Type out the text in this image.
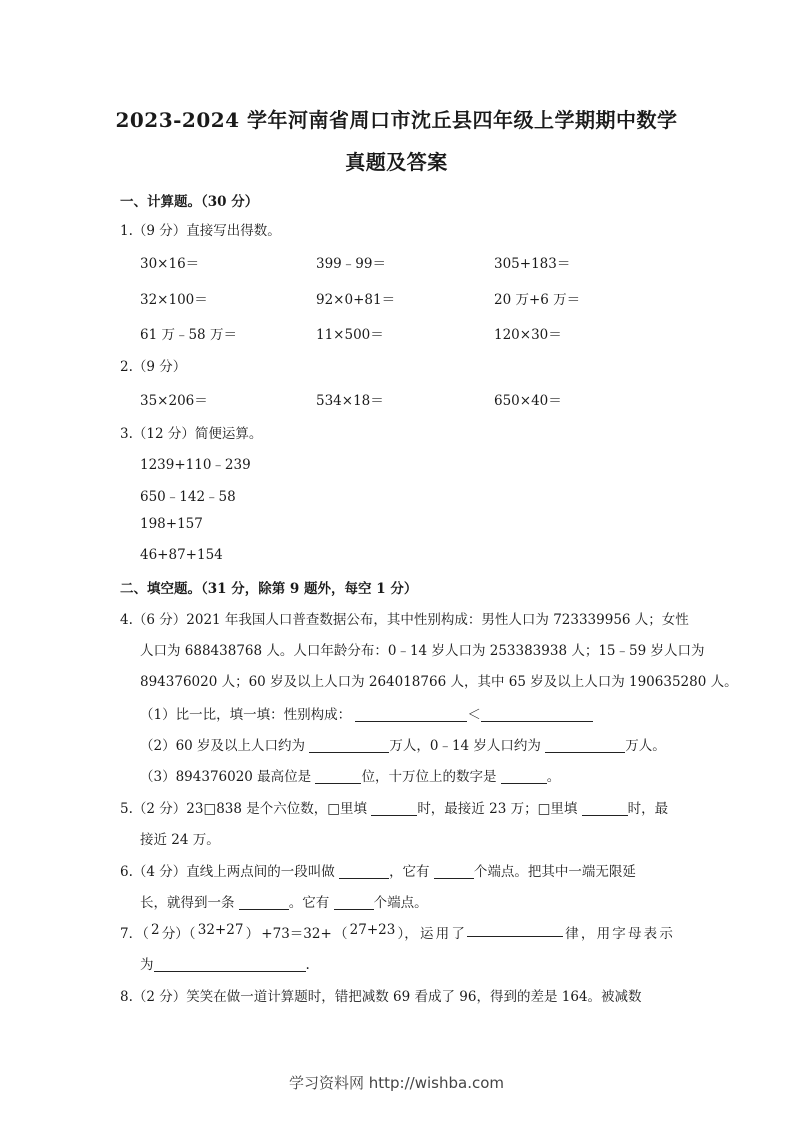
2023-2024 学年河南省周口市沈丘县四年级上学期期中数学
真题及答案
一、计算题。（30 分）
1.（9 分）直接写出得数。
30×16＝	399﹣99＝	305+183＝
32×100＝	92×0+81＝	20 万+6 万＝
61 万﹣58 万＝	11×500＝	120×30＝
2.（9 分）
35×206＝	534×18＝	650×40＝
3.（12 分）简便运算。
1239+110﹣239
650﹣142﹣58
198+157
46+87+154
二、填空题。（31 分，除第 9 题外，每空 1 分）
4.（6 分）2021 年我国人口普查数据公布，其中性别构成：男性人口为 723339956 人；女性
人口为 688438768 人。人口年龄分布：0﹣14 岁人口为 253383938 人；15﹣59 岁人口为
894376020 人；60 岁及以上人口为 264018766 人，其中 65 岁及以上人口为 190635280 人。
（1）比一比，填一填：性别构成：	＜
（2）60 岁及以上人口约为	万人，0﹣14 岁人口约为	万人。
（3）894376020 最高位是	位，十万位上的数字是	。
5.（2 分）23□838 是个六位数，□里填	时，最接近 23 万；□里填	时，最
接近 24 万。
6.（4 分）直线上两点间的一段叫做	，它有	个端点。把其中一端无限延
长，就得到一条	。它有	个端点。
7．（ 2 分）（ 32+27 ） +73＝32+ （ 27+23 ）， 运 用 了	律 ， 用 字 母 表 示
为	.
8.（2 分）笑笑在做一道计算题时，错把减数 69 看成了 96，得到的差是 164。被减数
学习资料网 http://wishba.com
